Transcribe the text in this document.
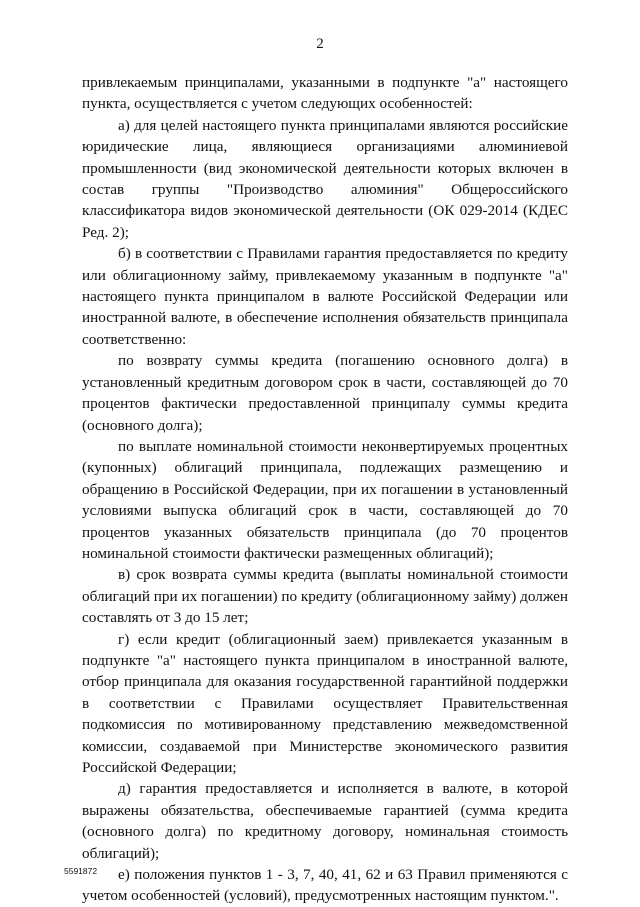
2

привлекаемым принципалами, указанными в подпункте "а" настоящего пункта, осуществляется с учетом следующих особенностей:

а) для целей настоящего пункта принципалами являются российские юридические лица, являющиеся организациями алюминиевой промышленности (вид экономической деятельности которых включен в состав группы "Производство алюминия" Общероссийского классификатора видов экономической деятельности (ОК 029-2014 (КДЕС Ред. 2);

б) в соответствии с Правилами гарантия предоставляется по кредиту или облигационному займу, привлекаемому указанным в подпункте "а" настоящего пункта принципалом в валюте Российской Федерации или иностранной валюте, в обеспечение исполнения обязательств принципала соответственно:

по возврату суммы кредита (погашению основного долга) в установленный кредитным договором срок в части, составляющей до 70 процентов фактически предоставленной принципалу суммы кредита (основного долга);

по выплате номинальной стоимости неконвертируемых процентных (купонных) облигаций принципала, подлежащих размещению и обращению в Российской Федерации, при их погашении в установленный условиями выпуска облигаций срок в части, составляющей до 70 процентов указанных обязательств принципала (до 70 процентов номинальной стоимости фактически размещенных облигаций);

в) срок возврата суммы кредита (выплаты номинальной стоимости облигаций при их погашении) по кредиту (облигационному займу) должен составлять от 3 до 15 лет;

г) если кредит (облигационный заем) привлекается указанным в подпункте "а" настоящего пункта принципалом в иностранной валюте, отбор принципала для оказания государственной гарантийной поддержки в соответствии с Правилами осуществляет Правительственная подкомиссия по мотивированному представлению межведомственной комиссии, создаваемой при Министерстве экономического развития Российской Федерации;

д) гарантия предоставляется и исполняется в валюте, в которой выражены обязательства, обеспечиваемые гарантией (сумма кредита (основного долга) по кредитному договору, номинальная стоимость облигаций);

е) положения пунктов 1 - 3, 7, 40, 41, 62 и 63 Правил применяются с учетом особенностей (условий), предусмотренных настоящим пунктом.".

5591872
